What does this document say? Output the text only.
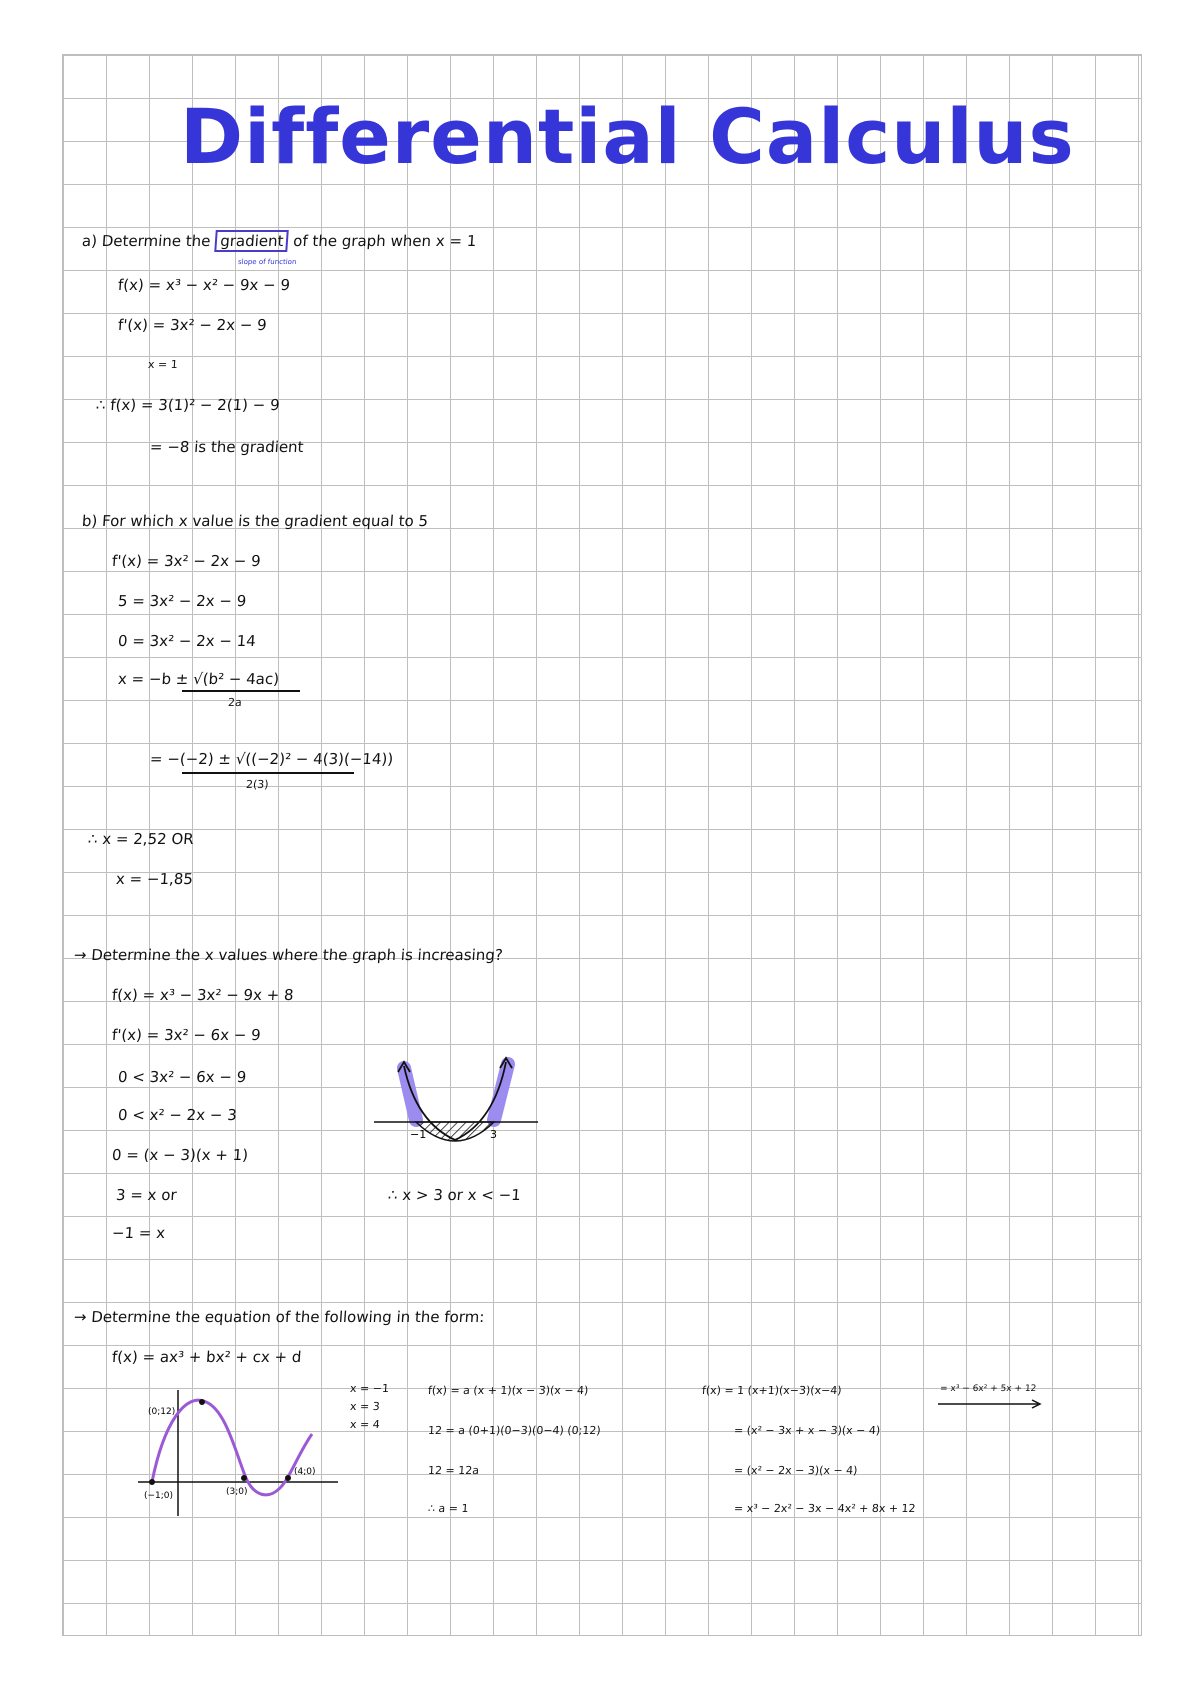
Differential Calculus
a) Determine the gradient of the graph when x = 1
slope of function
f(x) = x³ − x² − 9x − 9
f'(x) = 3x² − 2x − 9
x = 1
∴ f(x) = 3(1)² − 2(1) − 9
= −8 is the gradient
b) For which x value is the gradient equal to 5
f'(x) = 3x² − 2x − 9
5 = 3x² − 2x − 9
0 = 3x² − 2x − 14
x = −b ± √(b² − 4ac)
2a
= −(−2) ± √((−2)² − 4(3)(−14))
2(3)
∴ x = 2,52 OR
x = −1,85
→ Determine the x values where the graph is increasing?
f(x) = x³ − 3x² − 9x + 8
f'(x) = 3x² − 6x − 9
0 < 3x² − 6x − 9
0 < x² − 2x − 3
0 = (x − 3)(x + 1)
3 = x or
−1 = x
−1	3
∴ x > 3 or x < −1
→ Determine the equation of the following in the form:
f(x) = ax³ + bx² + cx + d
(0;12)
(−1;0)	(3;0)
(4;0)
x = −1
x = 3
x = 4
f(x) = a (x + 1)(x − 3)(x − 4)
12 = a (0+1)(0−3)(0−4) (0;12)
12 = 12a
∴ a = 1
f(x) = 1 (x+1)(x−3)(x−4)
= (x² − 3x + x − 3)(x − 4)
= (x² − 2x − 3)(x − 4)
= x³ − 2x² − 3x − 4x² + 8x + 12
= x³ − 6x² + 5x + 12
